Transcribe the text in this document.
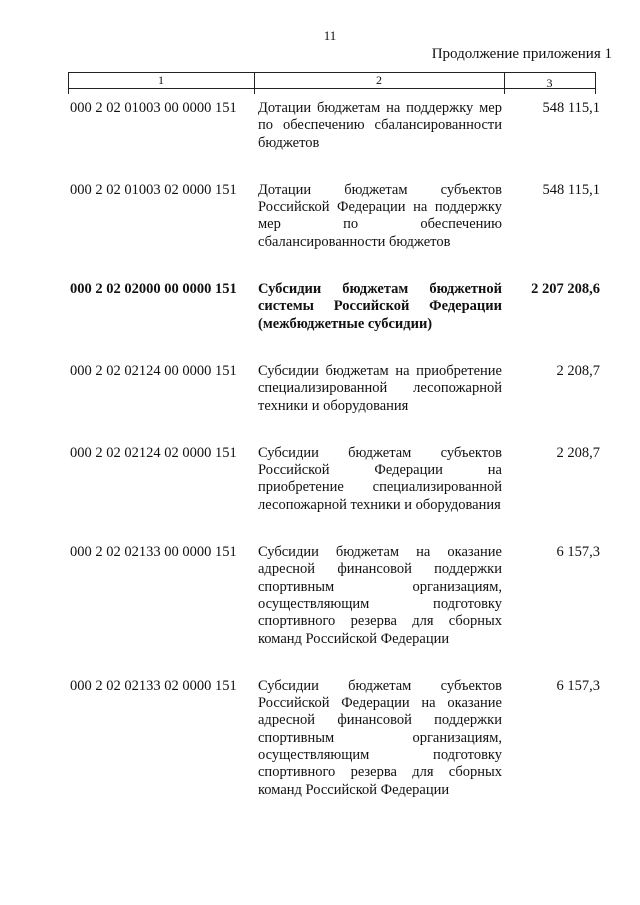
11
Продолжение приложения 1
1	2	3
000 2 02 01003 00 0000 151	Дотации бюджетам на поддержку мер по обеспечению сбалансированности бюджетов	548 115,1
000 2 02 01003 02 0000 151	Дотации бюджетам субъектов Российской Федерации на поддержку мер по обеспечению сбалансированности бюджетов	548 115,1
000 2 02 02000 00 0000 151	Субсидии бюджетам бюджетной системы Российской Федерации (межбюджетные субсидии)	2 207 208,6
000 2 02 02124 00 0000 151	Субсидии бюджетам на приобретение специализированной лесопожарной техники и оборудования	2 208,7
000 2 02 02124 02 0000 151	Субсидии бюджетам субъектов Российской Федерации на приобретение специализированной лесопожарной техники и оборудования	2 208,7
000 2 02 02133 00 0000 151	Субсидии бюджетам на оказание адресной финансовой поддержки спортивным организациям, осуществляющим подготовку спортивного резерва для сборных команд Российской Федерации	6 157,3
000 2 02 02133 02 0000 151	Субсидии бюджетам субъектов Российской Федерации на оказание адресной финансовой поддержки спортивным организациям, осуществляющим подготовку спортивного резерва для сборных команд Российской Федерации	6 157,3
